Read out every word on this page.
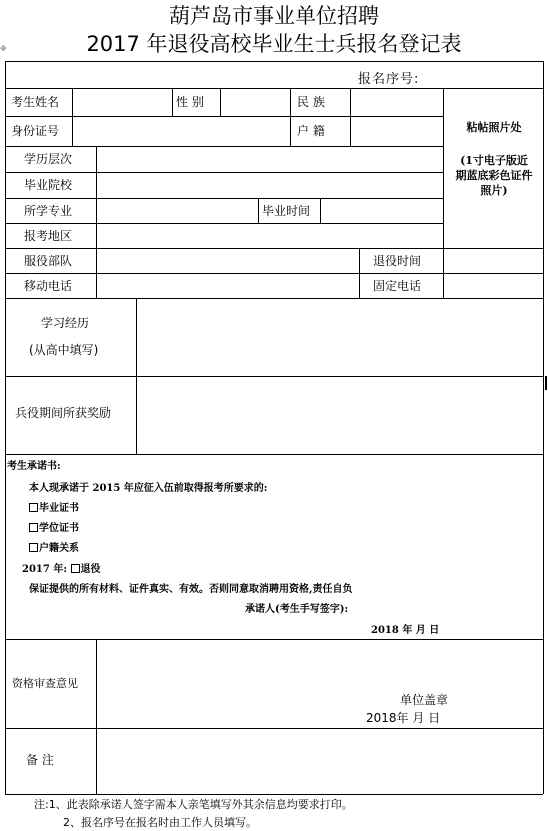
葫芦岛市事业单位招聘
2017 年退役高校毕业生士兵报名登记表
报名序号:
✥
考生姓名	性 别	民 族
身份证号	户 籍
学历层次
毕业院校
所学专业	毕业时间
报考地区
服役部队	退役时间
移动电话	固定电话
粘帖照片处
(1寸电子版近
期蓝底彩色证件
照片)
学习经历
(从高中填写)
兵役期间所获奖励
考生承诺书:
本人现承诺于 2015 年应征入伍前取得报考所要求的:
毕业证书
学位证书
户籍关系
2017 年: 退役
保证提供的所有材料、证件真实、有效。否则同意取消聘用资格,责任自负
承诺人(考生手写签字):
2018 年 月 日
资格审查意见
单位盖章
2018年 月 日
备 注
注:1、此表除承诺人签字需本人亲笔填写外其余信息均要求打印。
2、报名序号在报名时由工作人员填写。
